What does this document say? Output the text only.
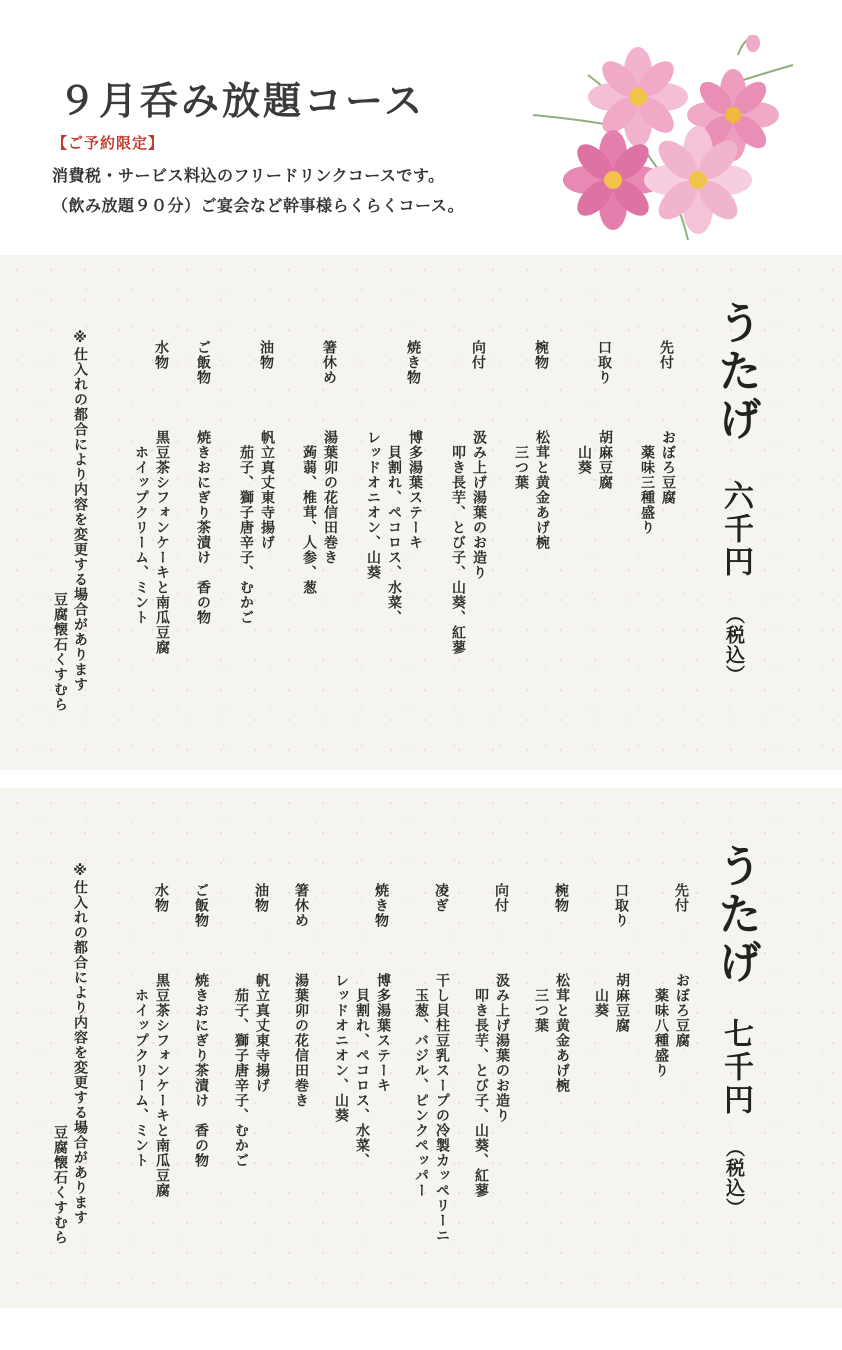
９月呑み放題コース
【ご予約限定】
消費税・サービス料込のフリードリンクコースです。
（飲み放題９０分）ご宴会など幹事様らくらくコース。
うたげ
六千円
（税込）
先付
おぼろ豆腐
　薬味三種盛り
口取り
胡麻豆腐
　山葵
椀物
松茸と黄金あげ椀
　三つ葉
向付
汲み上げ湯葉のお造り
　叩き長芋、とび子、山葵、紅蓼
焼き物
博多湯葉ステーキ
　貝割れ、ペコロス、水菜、
レッドオニオン、山葵
箸休め
湯葉卯の花信田巻き
　蒟蒻、椎茸、人参、葱
油物
帆立真丈東寺揚げ
　茄子、獅子唐辛子、むかご
ご飯物
焼きおにぎり茶漬け　香の物
水物
黒豆茶シフォンケーキと南瓜豆腐
　ホイップクリーム、ミント
※仕入れの都合により内容を変更する場合があります
豆腐懐石くすむら
うたげ
七千円
（税込）
先付
おぼろ豆腐
　薬味八種盛り
口取り
胡麻豆腐
　山葵
椀物
松茸と黄金あげ椀
　三つ葉
向付
汲み上げ湯葉のお造り
　叩き長芋、とび子、山葵、紅蓼
凌ぎ
干し貝柱豆乳スープの冷製カッペリーニ
　玉葱、バジル、ピンクペッパー
焼き物
博多湯葉ステーキ
　貝割れ、ペコロス、水菜、
レッドオニオン、山葵
箸休め
湯葉卯の花信田巻き
油物
帆立真丈東寺揚げ
　茄子、獅子唐辛子、むかご
ご飯物
焼きおにぎり茶漬け　香の物
水物
黒豆茶シフォンケーキと南瓜豆腐
　ホイップクリーム、ミント
※仕入れの都合により内容を変更する場合があります
豆腐懐石くすむら
